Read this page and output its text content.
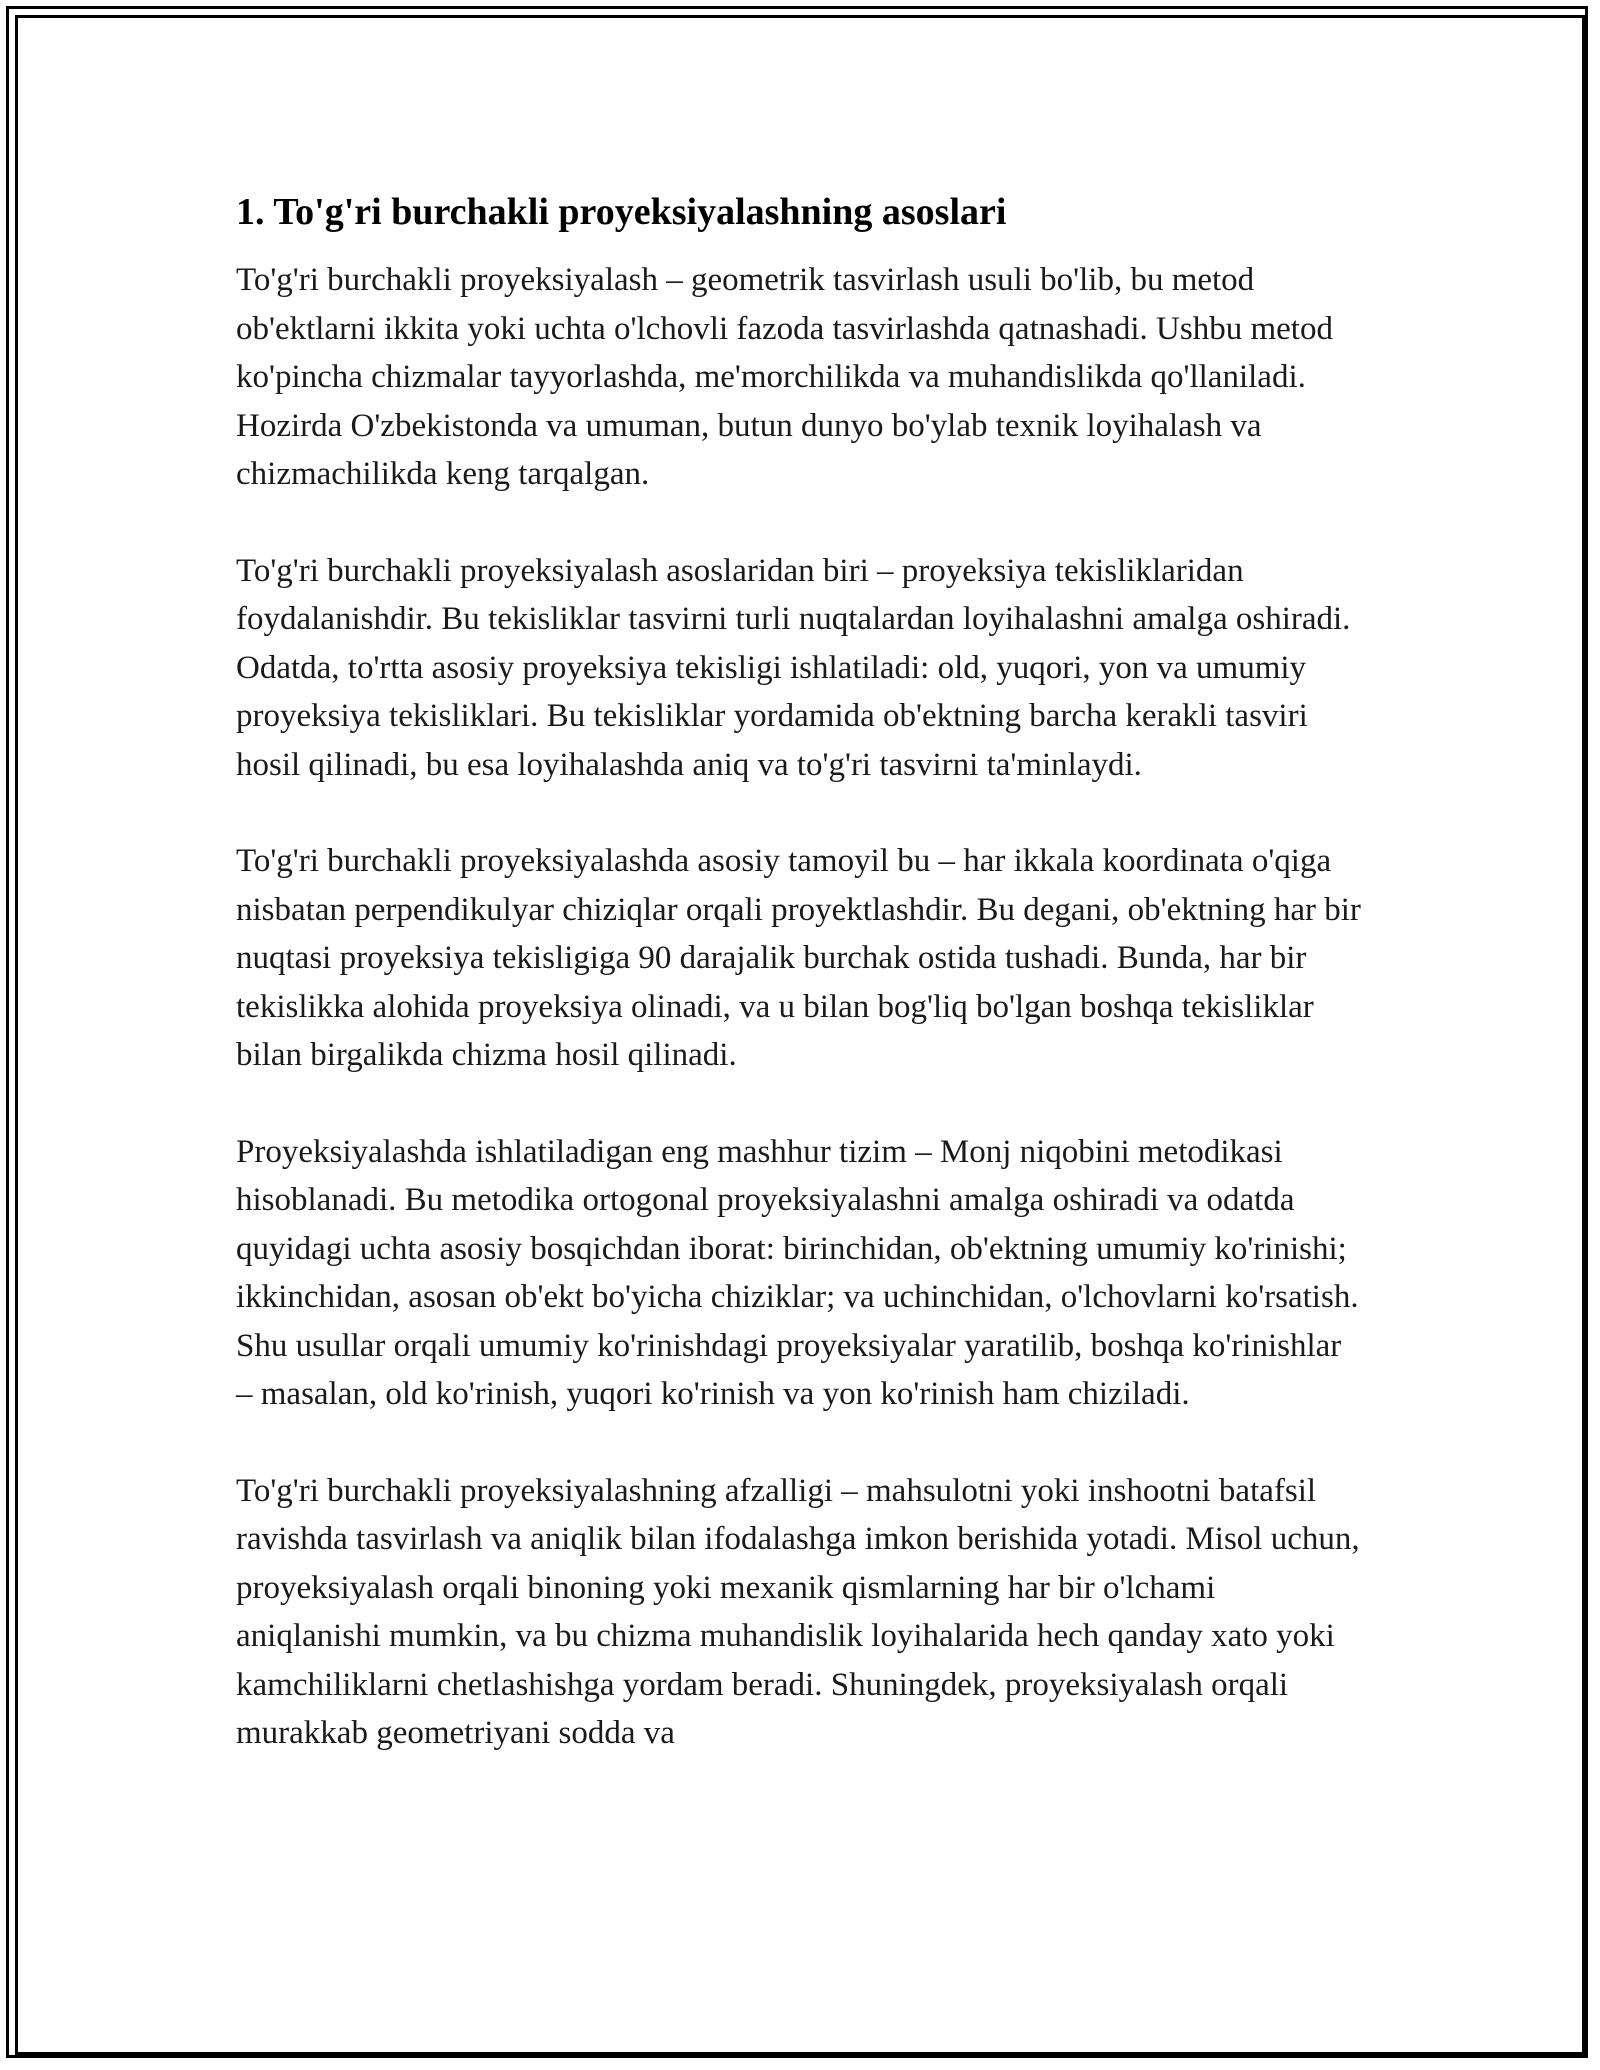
1. To'g'ri burchakli proyeksiyalashning asoslari

To'g'ri burchakli proyeksiyalash – geometrik tasvirlash usuli bo'lib, bu metod ob'ektlarni ikkita yoki uchta o'lchovli fazoda tasvirlashda qatnashadi. Ushbu metod ko'pincha chizmalar tayyorlashda, me'morchilikda va muhandislikda qo'llaniladi. Hozirda O'zbekistonda va umuman, butun dunyo bo'ylab texnik loyihalash va chizmachilikda keng tarqalgan.

To'g'ri burchakli proyeksiyalash asoslaridan biri – proyeksiya tekisliklaridan foydalanishdir. Bu tekisliklar tasvirni turli nuqtalardan loyihalashni amalga oshiradi. Odatda, to'rtta asosiy proyeksiya tekisligi ishlatiladi: old, yuqori, yon va umumiy proyeksiya tekisliklari. Bu tekisliklar yordamida ob'ektning barcha kerakli tasviri hosil qilinadi, bu esa loyihalashda aniq va to'g'ri tasvirni ta'minlaydi.

To'g'ri burchakli proyeksiyalashda asosiy tamoyil bu – har ikkala koordinata o'qiga nisbatan perpendikulyar chiziqlar orqali proyektlashdir. Bu degani, ob'ektning har bir nuqtasi proyeksiya tekisligiga 90 darajalik burchak ostida tushadi. Bunda, har bir tekislikka alohida proyeksiya olinadi, va u bilan bog'liq bo'lgan boshqa tekisliklar bilan birgalikda chizma hosil qilinadi.

Proyeksiyalashda ishlatiladigan eng mashhur tizim – Monj niqobini metodikasi hisoblanadi. Bu metodika ortogonal proyeksiyalashni amalga oshiradi va odatda quyidagi uchta asosiy bosqichdan iborat: birinchidan, ob'ektning umumiy ko'rinishi; ikkinchidan, asosan ob'ekt bo'yicha chiziklar; va uchinchidan, o'lchovlarni ko'rsatish. Shu usullar orqali umumiy ko'rinishdagi proyeksiyalar yaratilib, boshqa ko'rinishlar – masalan, old ko'rinish, yuqori ko'rinish va yon ko'rinish ham chiziladi.

To'g'ri burchakli proyeksiyalashning afzalligi – mahsulotni yoki inshootni batafsil ravishda tasvirlash va aniqlik bilan ifodalashga imkon berishida yotadi. Misol uchun, proyeksiyalash orqali binoning yoki mexanik qismlarning har bir o'lchami aniqlanishi mumkin, va bu chizma muhandislik loyihalarida hech qanday xato yoki kamchiliklarni chetlashishga yordam beradi. Shuningdek, proyeksiyalash orqali murakkab geometriyani sodda va
